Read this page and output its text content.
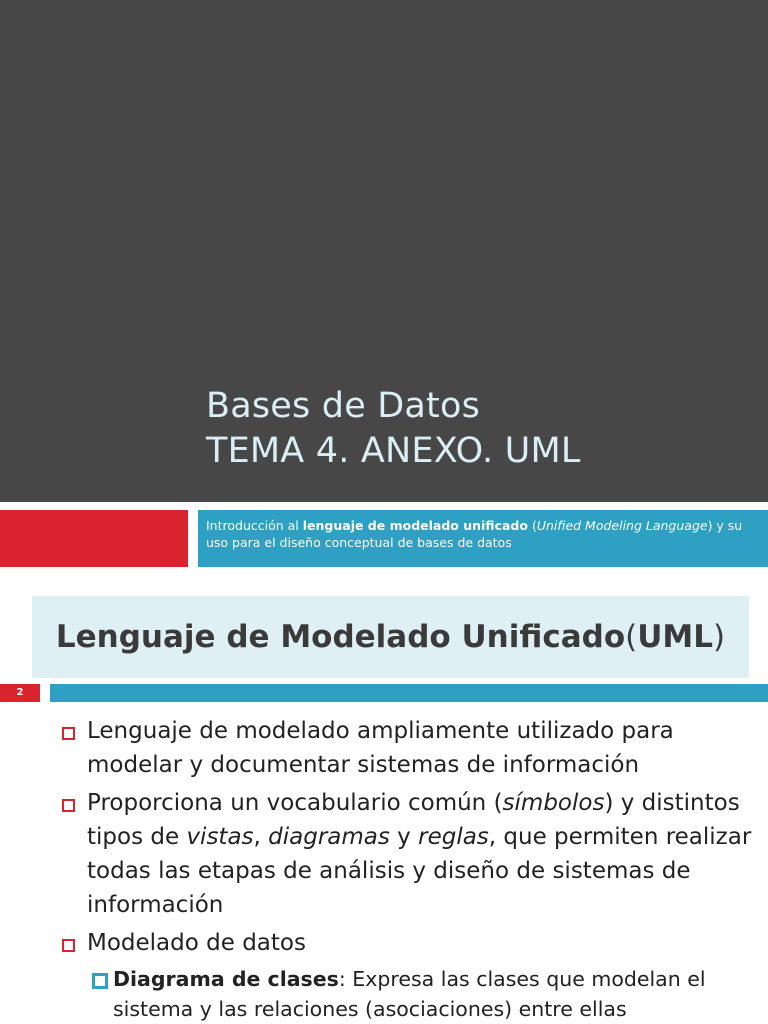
Bases de Datos
TEMA 4. ANEXO. UML
Introducción al lenguaje de modelado unificado (Unified Modeling Language) y su uso para el diseño conceptual de bases de datos
Lenguaje de Modelado Unificado ( UML )
2
Lenguaje de modelado ampliamente utilizado para modelar y documentar sistemas de información
Proporciona un vocabulario común (símbolos) y distintos tipos de vistas, diagramas y reglas, que permiten realizar todas las etapas de análisis y diseño de sistemas de información
Modelado de datos
Diagrama de clases: Expresa las clases que modelan el sistema y las relaciones (asociaciones) entre ellas
